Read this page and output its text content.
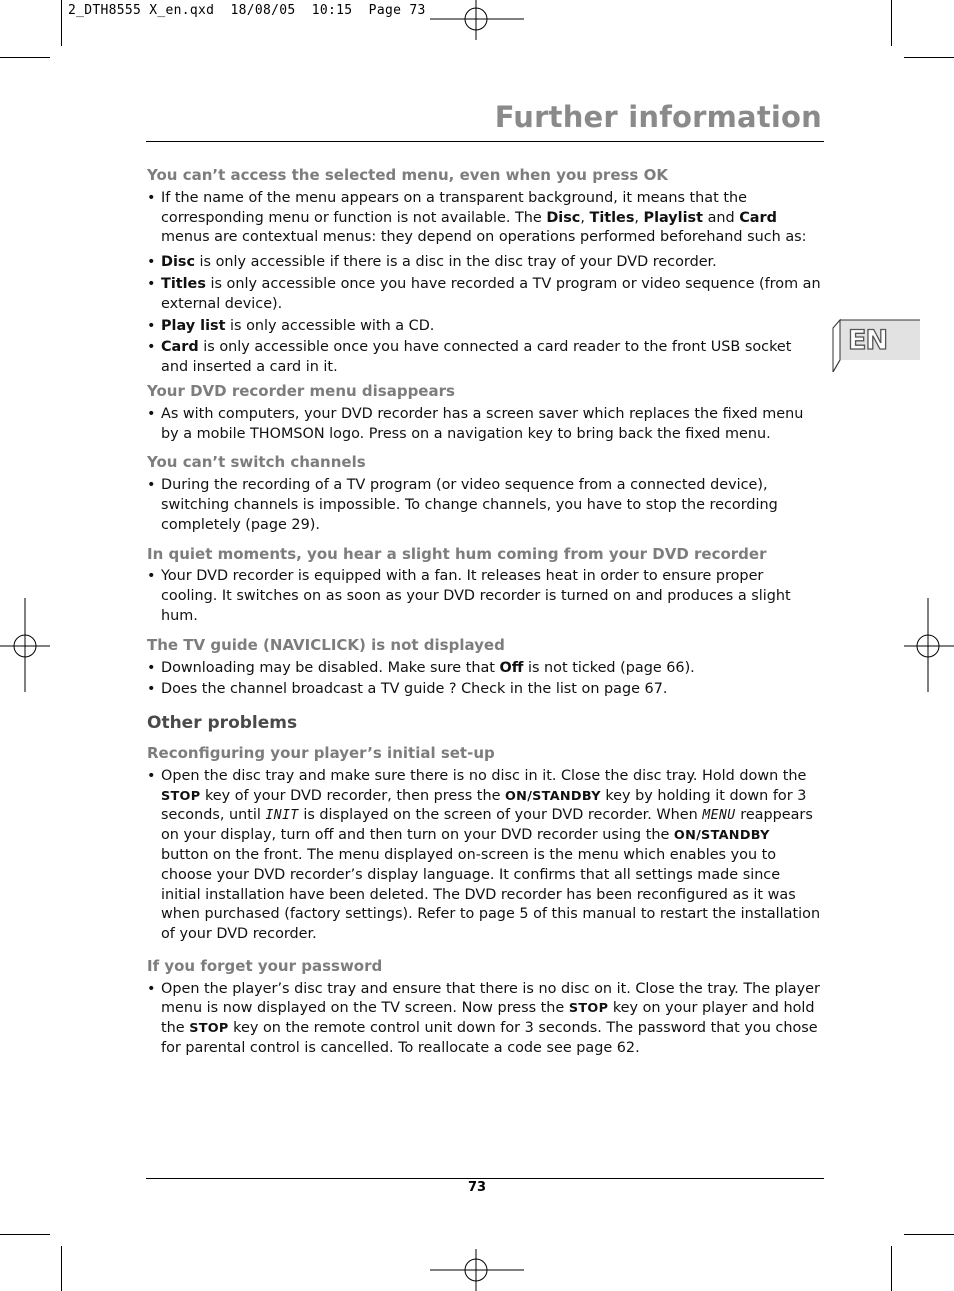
2_DTH8555 X_en.qxd  18/08/05  10:15  Page 73
Further information
EN
You can’t access the selected menu, even when you press OK
• If the name of the menu appears on a transparent background, it means that the corresponding menu or function is not available. The Disc, Titles, Playlist and Card menus are contextual menus: they depend on operations performed beforehand such as:
• Disc is only accessible if there is a disc in the disc tray of your DVD recorder.
• Titles is only accessible once you have recorded a TV program or video sequence (from an external device).
• Play list is only accessible with a CD.
• Card is only accessible once you have connected a card reader to the front USB socket and inserted a card in it.
Your DVD recorder menu disappears
• As with computers, your DVD recorder has a screen saver which replaces the fixed menu by a mobile THOMSON logo. Press on a navigation key to bring back the fixed menu.
You can’t switch channels
• During the recording of a TV program (or video sequence from a connected device), switching channels is impossible. To change channels, you have to stop the recording completely (page 29).
In quiet moments, you hear a slight hum coming from your DVD recorder
• Your DVD recorder is equipped with a fan. It releases heat in order to ensure proper cooling. It switches on as soon as your DVD recorder is turned on and produces a slight hum.
The TV guide (NAVICLICK) is not displayed
• Downloading may be disabled. Make sure that Off is not ticked (page 66).
• Does the channel broadcast a TV guide ? Check in the list on page 67.
Other problems
Reconfiguring your player’s initial set-up
• Open the disc tray and make sure there is no disc in it. Close the disc tray. Hold down the STOP key of your DVD recorder, then press the ON/STANDBY key by holding it down for 3 seconds, until INIT is displayed on the screen of your DVD recorder. When MENU reappears on your display, turn off and then turn on your DVD recorder using the ON/STANDBY button on the front. The menu displayed on-screen is the menu which enables you to choose your DVD recorder’s display language. It confirms that all settings made since initial installation have been deleted. The DVD recorder has been reconfigured as it was when purchased (factory settings). Refer to page 5 of this manual to restart the installation of your DVD recorder.
If you forget your password
• Open the player’s disc tray and ensure that there is no disc on it. Close the tray. The player menu is now displayed on the TV screen. Now press the STOP key on your player and hold the STOP key on the remote control unit down for 3 seconds. The password that you chose for parental control is cancelled. To reallocate a code see page 62.
73
